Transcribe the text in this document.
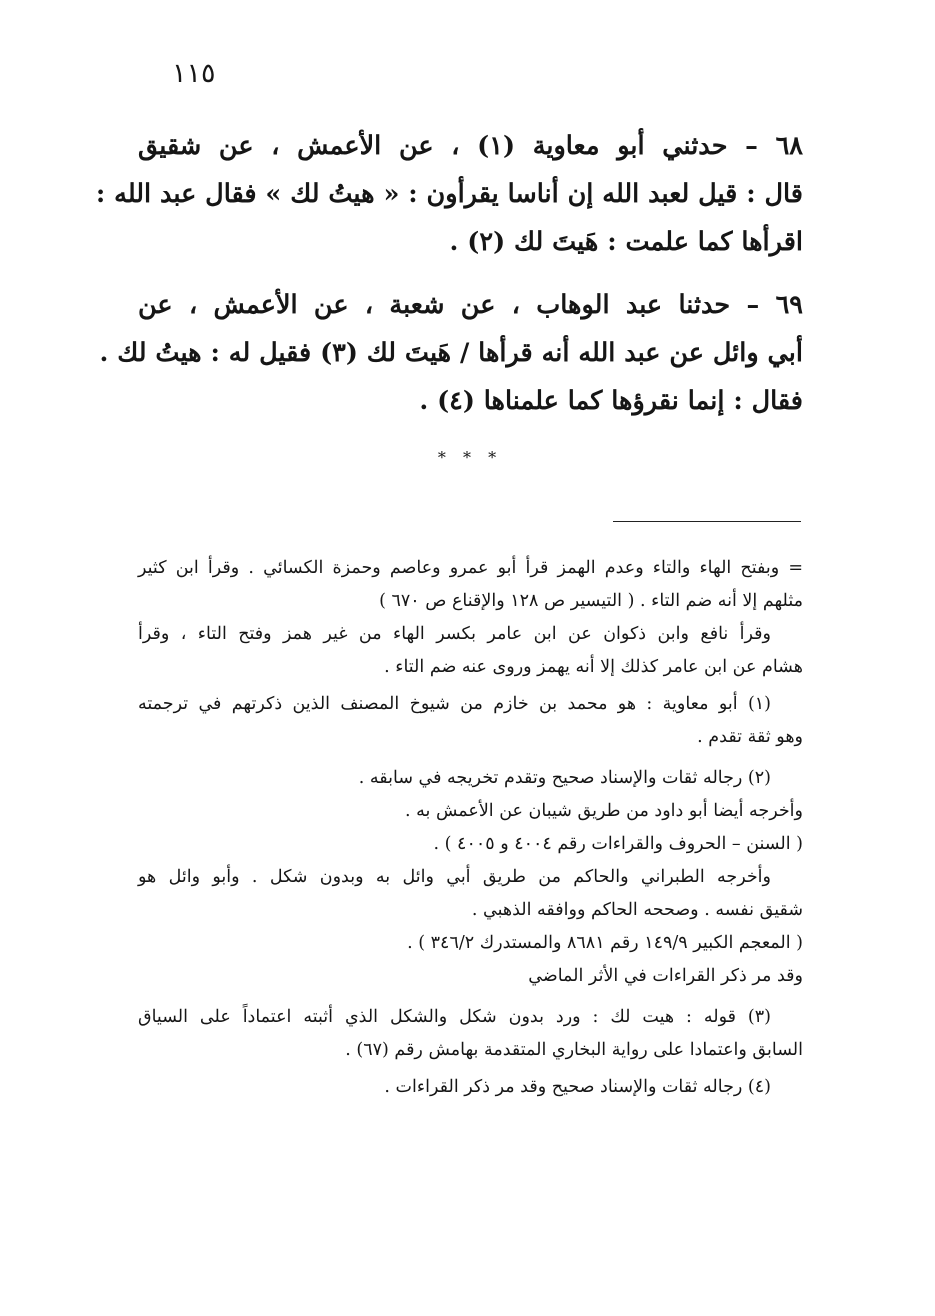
١١٥
٦٨ – حدثني أبو معاوية (١) ، عن الأعمش ، عن شقيق
قال : قيل لعبد الله إن أناسا يقرأون : « هيتُ لك » فقال عبد الله :
اقرأها كما علمت : هَيتَ لك (٢) .
٦٩ – حدثنا عبد الوهاب ، عن شعبة ، عن الأعمش ، عن
أبي وائل عن عبد الله أنه قرأها / هَيتَ لك (٣) فقيل له : هيتُ لك .
فقال : إنما نقرؤها كما علمناها (٤) .
* * *
= وبفتح الهاء والتاء وعدم الهمز قرأ أبو عمرو وعاصم وحمزة الكسائي . وقرأ ابن كثير
مثلهم إلا أنه ضم التاء . ( التيسير ص ١٢٨ والإقناع ص ٦٧٠ )
وقرأ نافع وابن ذكوان عن ابن عامر بكسر الهاء من غير همز وفتح التاء ، وقرأ
هشام عن ابن عامر كذلك إلا أنه يهمز وروى عنه ضم التاء .
(١) أبو معاوية : هو محمد بن خازم من شيوخ المصنف الذين ذكرتهم في ترجمته
وهو ثقة تقدم .
(٢) رجاله ثقات والإسناد صحيح وتقدم تخريجه في سابقه .
وأخرجه أيضا أبو داود من طريق شيبان عن الأعمش به .
( السنن – الحروف والقراءات رقم ٤٠٠٤ و ٤٠٠٥ ) .
وأخرجه الطبراني والحاكم من طريق أبي وائل به وبدون شكل . وأبو وائل هو
شقيق نفسه . وصححه الحاكم ووافقه الذهبي .
( المعجم الكبير ١٤٩/٩ رقم ٨٦٨١ والمستدرك ٣٤٦/٢ ) .
وقد مر ذكر القراءات في الأثر الماضي
(٣) قوله : هيت لك : ورد بدون شكل والشكل الذي أثبته اعتماداً على السياق
السابق واعتمادا على رواية البخاري المتقدمة بهامش رقم (٦٧) .
(٤) رجاله ثقات والإسناد صحيح وقد مر ذكر القراءات .
